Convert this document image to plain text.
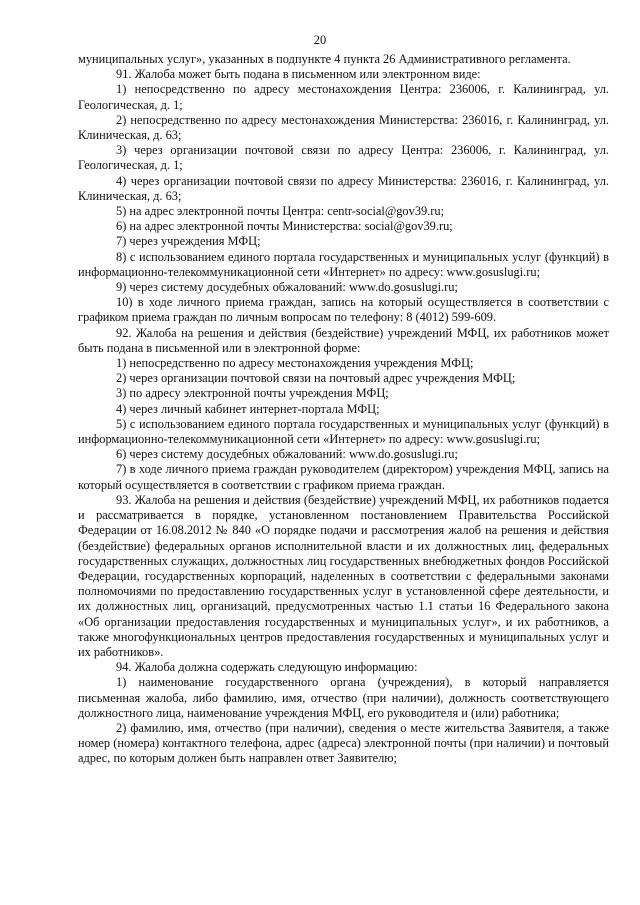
20

муниципальных услуг», указанных в подпункте 4 пункта 26 Административного регламента.

91. Жалоба может быть подана в письменном или электронном виде:

1) непосредственно по адресу местонахождения Центра: 236006, г. Калининград, ул. Геологическая, д. 1;

2) непосредственно по адресу местонахождения Министерства: 236016, г. Калининград, ул. Клиническая, д. 63;

3) через организации почтовой связи по адресу Центра: 236006, г. Калининград, ул. Геологическая, д. 1;

4) через организации почтовой связи по адресу Министерства: 236016, г. Калининград, ул. Клиническая, д. 63;

5) на адрес электронной почты Центра: centr-social@gov39.ru;

6) на адрес электронной почты Министерства: social@gov39.ru;

7) через учреждения МФЦ;

8) с использованием единого портала государственных и муниципальных услуг (функций) в информационно-телекоммуникационной сети «Интернет» по адресу: www.gosuslugi.ru;

9) через систему досудебных обжалований: www.do.gosuslugi.ru;

10) в ходе личного приема граждан, запись на который осуществляется в соответствии с графиком приема граждан по личным вопросам по телефону: 8 (4012) 599-609.

92. Жалоба на решения и действия (бездействие) учреждений МФЦ, их работников может быть подана в письменной или в электронной форме:

1) непосредственно по адресу местонахождения учреждения МФЦ;

2) через организации почтовой связи на почтовый адрес учреждения МФЦ;

3) по адресу электронной почты учреждения МФЦ;

4) через личный кабинет интернет-портала МФЦ;

5) с использованием единого портала государственных и муниципальных услуг (функций) в информационно-телекоммуникационной сети «Интернет» по адресу: www.gosuslugi.ru;

6) через систему досудебных обжалований: www.do.gosuslugi.ru;

7) в ходе личного приема граждан руководителем (директором) учреждения МФЦ, запись на который осуществляется в соответствии с графиком приема граждан.

93. Жалоба на решения и действия (бездействие) учреждений МФЦ, их работников подается и рассматривается в порядке, установленном постановлением Правительства Российской Федерации от 16.08.2012 № 840 «О порядке подачи и рассмотрения жалоб на решения и действия (бездействие) федеральных органов исполнительной власти и их должностных лиц, федеральных государственных служащих, должностных лиц государственных внебюджетных фондов Российской Федерации, государственных корпораций, наделенных в соответствии с федеральными законами полномочиями по предоставлению государственных услуг в установленной сфере деятельности, и их должностных лиц, организаций, предусмотренных частью 1.1 статьи 16 Федерального закона «Об организации предоставления государственных и муниципальных услуг», и их работников, а также многофункциональных центров предоставления государственных и муниципальных услуг и их работников».

94. Жалоба должна содержать следующую информацию:

1) наименование государственного органа (учреждения), в который направляется письменная жалоба, либо фамилию, имя, отчество (при наличии), должность соответствующего должностного лица, наименование учреждения МФЦ, его руководителя и (или) работника;

2) фамилию, имя, отчество (при наличии), сведения о месте жительства Заявителя, а также номер (номера) контактного телефона, адрес (адреса) электронной почты (при наличии) и почтовый адрес, по которым должен быть направлен ответ Заявителю;
